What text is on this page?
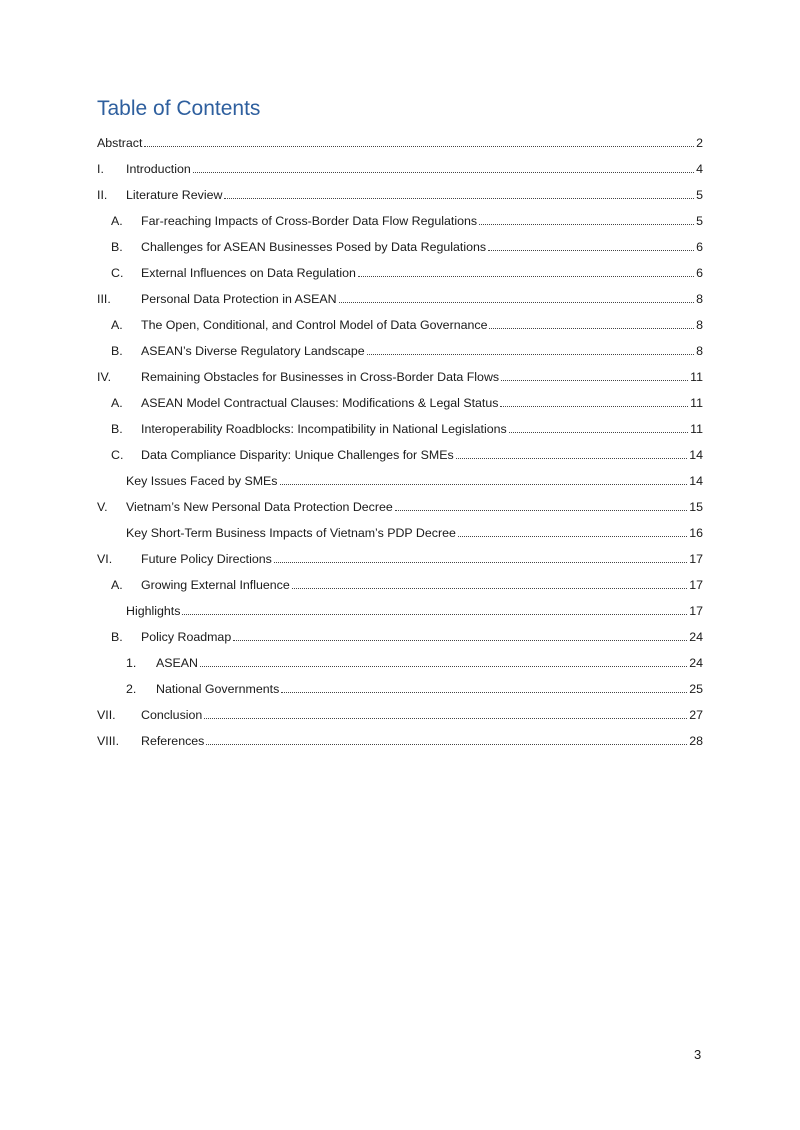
Table of Contents
Abstract	2
I.	Introduction	4
II.	Literature Review	5
A.	Far-reaching Impacts of Cross-Border Data Flow Regulations	5
B.	Challenges for ASEAN Businesses Posed by Data Regulations	6
C.	External Influences on Data Regulation	6
III.	Personal Data Protection in ASEAN	8
A.	The Open, Conditional, and Control Model of Data Governance	8
B.	ASEAN’s Diverse Regulatory Landscape	8
IV.	Remaining Obstacles for Businesses in Cross-Border Data Flows	11
A.	ASEAN Model Contractual Clauses: Modifications & Legal Status	11
B.	Interoperability Roadblocks: Incompatibility in National Legislations	11
C.	Data Compliance Disparity: Unique Challenges for SMEs	14
Key Issues Faced by SMEs	14
V.	Vietnam’s New Personal Data Protection Decree	15
Key Short-Term Business Impacts of Vietnam’s PDP Decree	16
VI.	Future Policy Directions	17
A.	Growing External Influence	17
Highlights	17
B.	Policy Roadmap	24
1.	ASEAN	24
2.	National Governments	25
VII.	Conclusion	27
VIII.	References	28
3
